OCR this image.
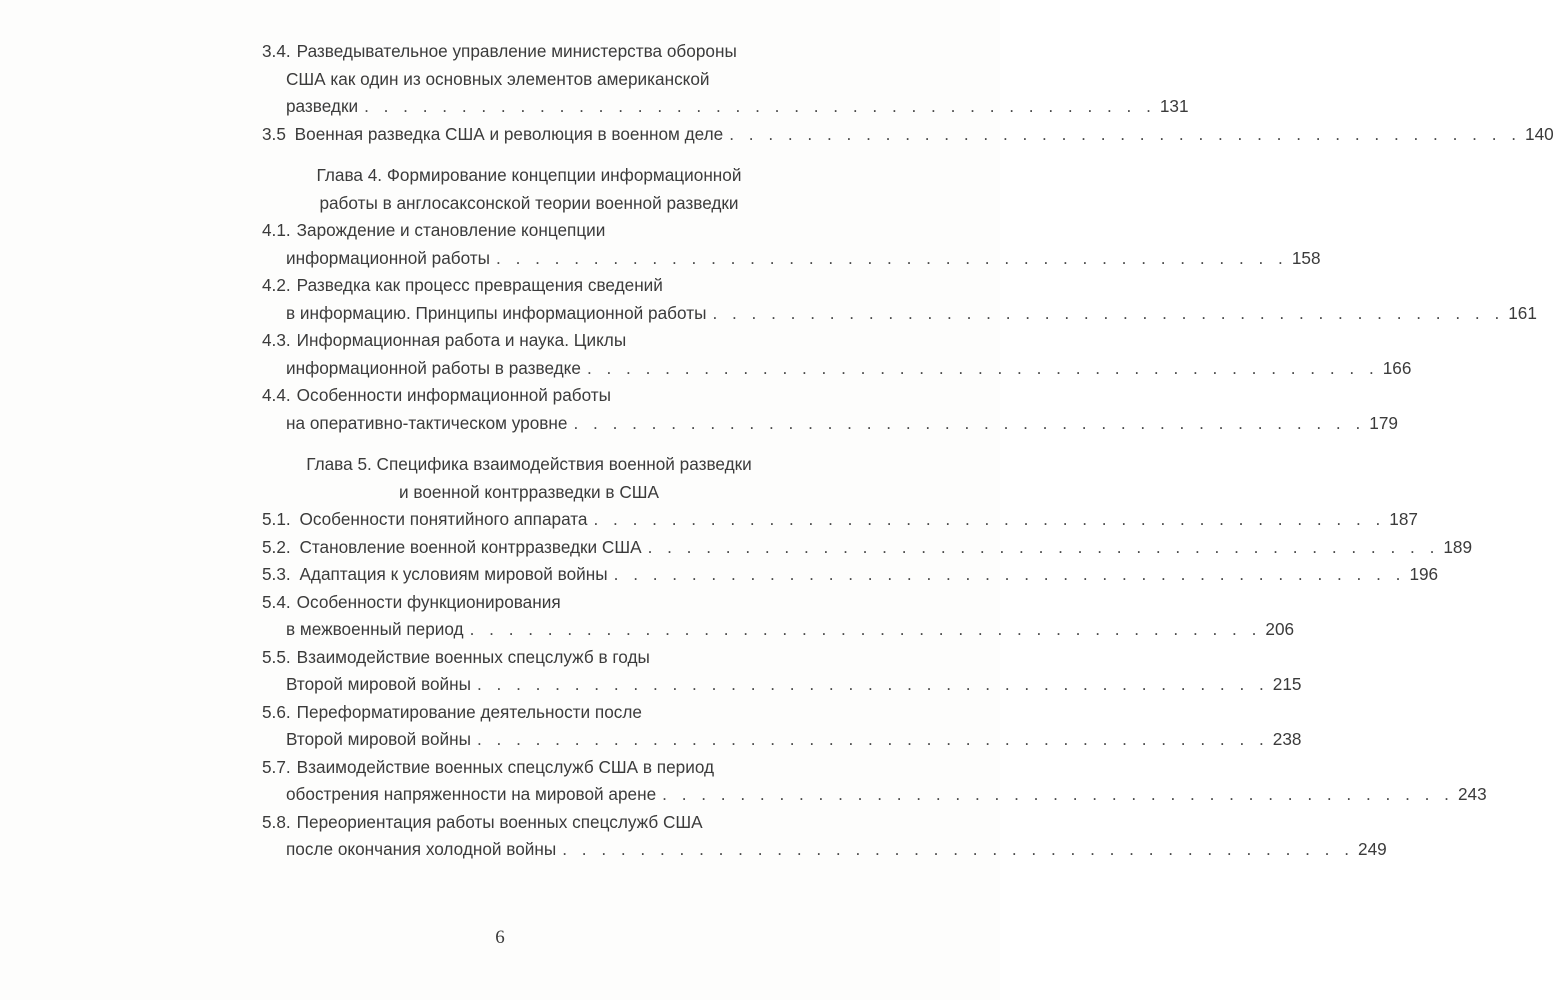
3.4. Разведывательное управление министерства обороны
США как один из основных элементов американской
разведки . . . . . . . . . . . . . . . . . . . . . . . . . . . . . . . . . . . . . . . . . 131
3.5 Военная разведка США и революция в военном деле . . . . . . . . . . . . . . . . . . . . . . . . . . . . . . . . . . . . . . . . . 140
Глава 4. Формирование концепции информационной
работы в англосаксонской теории военной разведки
4.1. Зарождение и становление концепции
информационной работы . . . . . . . . . . . . . . . . . . . . . . . . . . . . . . . . . . . . . . . . . 158
4.2. Разведка как процесс превращения сведений
в информацию. Принципы информационной работы . . . . . . . . . . . . . . . . . . . . . . . . . . . . . . . . . . . . . . . . . 161
4.3. Информационная работа и наука. Циклы
информационной работы в разведке . . . . . . . . . . . . . . . . . . . . . . . . . . . . . . . . . . . . . . . . . 166
4.4. Особенности информационной работы
на оперативно-тактическом уровне . . . . . . . . . . . . . . . . . . . . . . . . . . . . . . . . . . . . . . . . . 179
Глава 5. Специфика взаимодействия военной разведки
и военной контрразведки в США
5.1. Особенности понятийного аппарата . . . . . . . . . . . . . . . . . . . . . . . . . . . . . . . . . . . . . . . . . 187
5.2. Становление военной контрразведки США . . . . . . . . . . . . . . . . . . . . . . . . . . . . . . . . . . . . . . . . . 189
5.3. Адаптация к условиям мировой войны . . . . . . . . . . . . . . . . . . . . . . . . . . . . . . . . . . . . . . . . . 196
5.4. Особенности функционирования
в межвоенный период . . . . . . . . . . . . . . . . . . . . . . . . . . . . . . . . . . . . . . . . . 206
5.5. Взаимодействие военных спецслужб в годы
Второй мировой войны . . . . . . . . . . . . . . . . . . . . . . . . . . . . . . . . . . . . . . . . . 215
5.6. Переформатирование деятельности после
Второй мировой войны . . . . . . . . . . . . . . . . . . . . . . . . . . . . . . . . . . . . . . . . . 238
5.7. Взаимодействие военных спецслужб США в период
обострения напряженности на мировой арене . . . . . . . . . . . . . . . . . . . . . . . . . . . . . . . . . . . . . . . . . 243
5.8. Переориентация работы военных спецслужб США
после окончания холодной войны . . . . . . . . . . . . . . . . . . . . . . . . . . . . . . . . . . . . . . . . . 249
6
